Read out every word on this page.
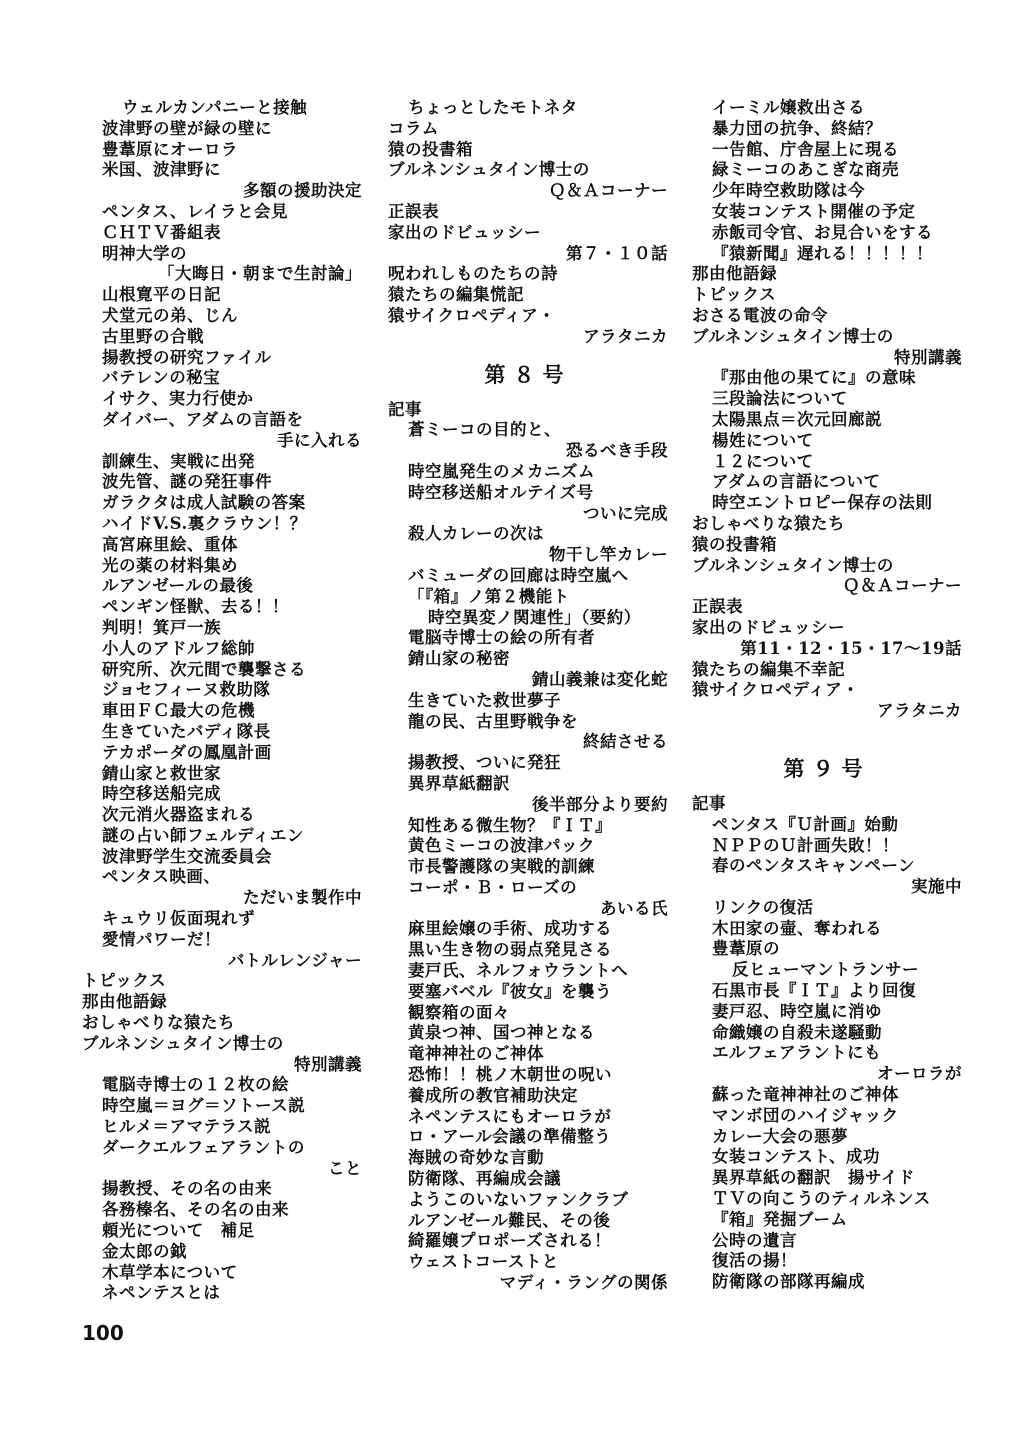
ウェルカンパニーと接触
波津野の壁が緑の壁に
豊葦原にオーロラ
米国、波津野に
多額の援助決定
ペンタス、レイラと会見
ＣＨＴＶ番組表
明神大学の
「大晦日・朝まで生討論」
山根寛平の日記
犬堂元の弟、じん
古里野の合戦
揚教授の研究ファイル
バテレンの秘宝
イサク、実力行使か
ダイバー、アダムの言語を
手に入れる
訓練生、実戦に出発
波先管、謎の発狂事件
ガラクタは成人試験の答案
ハイドV.S.裏クラウン！？
高宮麻里絵、重体
光の薬の材料集め
ルアンゼールの最後
ペンギン怪獣、去る！！
判明！箕戸一族
小人のアドルフ総帥
研究所、次元間で襲撃さる
ジョセフィーヌ救助隊
車田ＦＣ最大の危機
生きていたバディ隊長
テカポーダの鳳凰計画
錆山家と救世家
時空移送船完成
次元消火器盗まれる
謎の占い師フェルディエン
波津野学生交流委員会
ペンタス映画、
ただいま製作中
キュウリ仮面現れず
愛情パワーだ！
バトルレンジャー
トピックス
那由他語録
おしゃべりな猿たち
ブルネンシュタイン博士の
特別講義
電脳寺博士の１２枚の絵
時空嵐＝ヨグ＝ソトース説
ヒルメ＝アマテラス説
ダークエルフェアラントの
こと
揚教授、その名の由来
各務榛名、その名の由来
頼光について　補足
金太郎の鉞
木草学本について
ネペンテスとは
ちょっとしたモトネタ
コラム
猿の投書箱
ブルネンシュタイン博士の
Ｑ＆Ａコーナー
正誤表
家出のドビュッシー
第７・１０話
呪われしものたちの詩
猿たちの編集慌記
猿サイクロペディア・
アラタニカ
第８号
記事
蒼ミーコの目的と、
恐るべき手段
時空嵐発生のメカニズム
時空移送船オルテイズ号
ついに完成
殺人カレーの次は
物干し竿カレー
バミューダの回廊は時空嵐へ
「『箱』ノ第２機能ト
時空異変ノ関連性」（要約）
電脳寺博士の絵の所有者
錆山家の秘密
錆山義兼は変化蛇
生きていた救世夢子
龍の民、古里野戦争を
終結させる
揚教授、ついに発狂
異界草紙翻訳
後半部分より要約
知性ある微生物？『ＩＴ』
黄色ミーコの波津パック
市長警護隊の実戦的訓練
コーポ・Ｂ・ローズの
あいる氏
麻里絵嬢の手術、成功する
黒い生き物の弱点発見さる
妻戸氏、ネルフォウラントへ
要塞バベル『彼女』を襲う
観察箱の面々
黄泉つ神、国つ神となる
竜神神社のご神体
恐怖！！桃ノ木朝世の呪い
養成所の教官補助決定
ネペンテスにもオーロラが
ロ・アール会議の準備整う
海賊の奇妙な言動
防衛隊、再編成会議
ようこのいないファンクラブ
ルアンゼール難民、その後
綺羅嬢プロポーズされる！
ウェストコーストと
マディ・ラングの関係
イーミル嬢救出さる
暴力団の抗争、終結？
一告館、庁舎屋上に現る
緑ミーコのあこぎな商売
少年時空救助隊は今
女装コンテスト開催の予定
赤飯司令官、お見合いをする
『猿新聞』遅れる！！！！！
那由他語録
トピックス
おさる電波の命令
ブルネンシュタイン博士の
特別講義
『那由他の果てに』の意味
三段論法について
太陽黒点＝次元回廊説
楊姓について
１２について
アダムの言語について
時空エントロピー保存の法則
おしゃべりな猿たち
猿の投書箱
ブルネンシュタイン博士の
Ｑ＆Ａコーナー
正誤表
家出のドビュッシー
第11・12・15・17〜19話
猿たちの編集不幸記
猿サイクロペディア・
アラタニカ
第９号
記事
ペンタス『Ｕ計画』始動
ＮＰＰのＵ計画失敗！！
春のペンタスキャンペーン
実施中
リンクの復活
木田家の壷、奪われる
豊葦原の
反ヒューマントランサー
石黒市長『ＩＴ』より回復
妻戸忍、時空嵐に消ゆ
命織嬢の自殺未遂騒動
エルフェアラントにも
オーロラが
蘇った竜神神社のご神体
マンボ団のハイジャック
カレー大会の悪夢
女装コンテスト、成功
異界草紙の翻訳　揚サイド
ＴＶの向こうのティルネンス
『箱』発掘ブーム
公時の遺言
復活の揚！
防衛隊の部隊再編成
100
